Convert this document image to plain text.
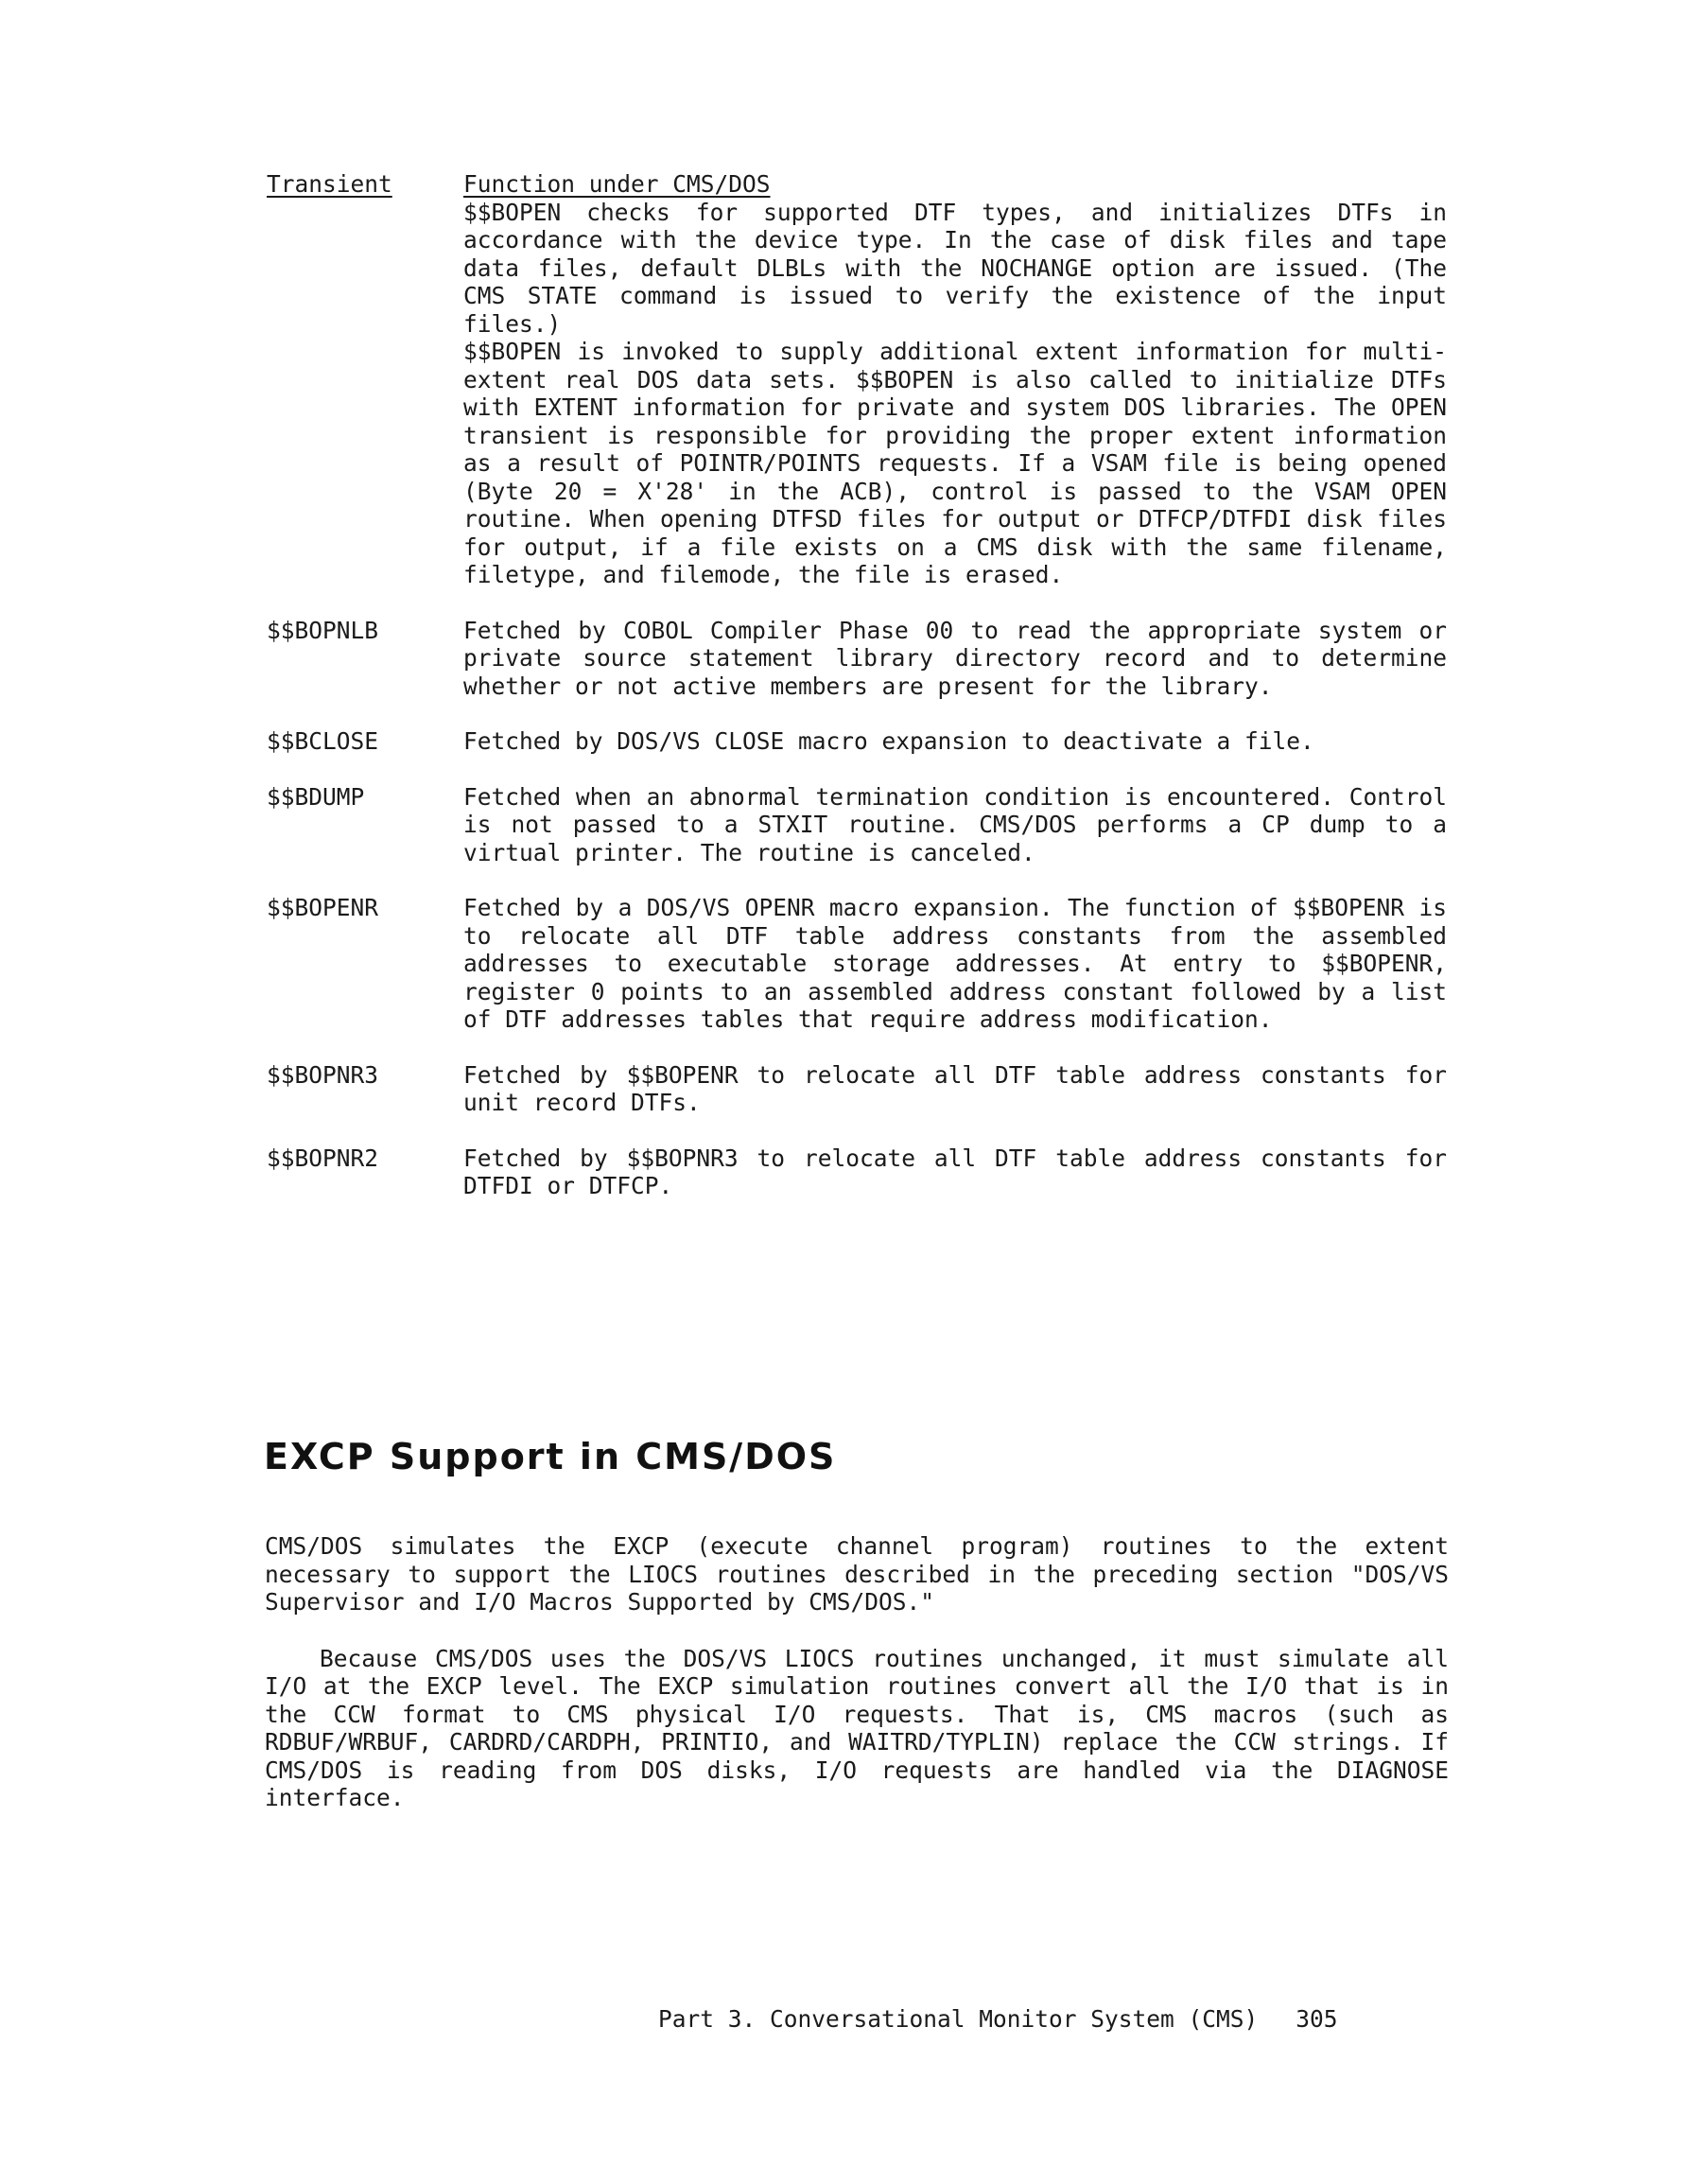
Transient	Function under CMS/DOS

$$BOPEN checks for supported DTF types, and initializes DTFs in accordance with the device type. In the case of disk files and tape data files, default DLBLs with the NOCHANGE option are issued. (The CMS STATE command is issued to verify the existence of the input files.)

$$BOPEN is invoked to supply additional extent information for multi-extent real DOS data sets. $$BOPEN is also called to initialize DTFs with EXTENT information for private and system DOS libraries. The OPEN transient is responsible for providing the proper extent information as a result of POINTR/POINTS requests. If a VSAM file is being opened (Byte 20 = X'28' in the ACB), control is passed to the VSAM OPEN routine. When opening DTFSD files for output or DTFCP/DTFDI disk files for output, if a file exists on a CMS disk with the same filename, filetype, and filemode, the file is erased.

$$BOPNLB	Fetched by COBOL Compiler Phase 00 to read the appropriate system or private source statement library directory record and to determine whether or not active members are present for the library.

$$BCLOSE	Fetched by DOS/VS CLOSE macro expansion to deactivate a file.

$$BDUMP	Fetched when an abnormal termination condition is encountered. Control is not passed to a STXIT routine. CMS/DOS performs a CP dump to a virtual printer. The routine is canceled.

$$BOPENR	Fetched by a DOS/VS OPENR macro expansion. The function of $$BOPENR is to relocate all DTF table address constants from the assembled addresses to executable storage addresses. At entry to $$BOPENR, register 0 points to an assembled address constant followed by a list of DTF addresses tables that require address modification.

$$BOPNR3	Fetched by $$BOPENR to relocate all DTF table address constants for unit record DTFs.

$$BOPNR2	Fetched by $$BOPNR3 to relocate all DTF table address constants for DTFDI or DTFCP.

EXCP Support in CMS/DOS

CMS/DOS simulates the EXCP (execute channel program) routines to the extent necessary to support the LIOCS routines described in the preceding section "DOS/VS Supervisor and I/O Macros Supported by CMS/DOS."

Because CMS/DOS uses the DOS/VS LIOCS routines unchanged, it must simulate all I/O at the EXCP level. The EXCP simulation routines convert all the I/O that is in the CCW format to CMS physical I/O requests. That is, CMS macros (such as RDBUF/WRBUF, CARDRD/CARDPH, PRINTIO, and WAITRD/TYPLIN) replace the CCW strings. If CMS/DOS is reading from DOS disks, I/O requests are handled via the DIAGNOSE interface.

Part 3. Conversational Monitor System (CMS) 305
